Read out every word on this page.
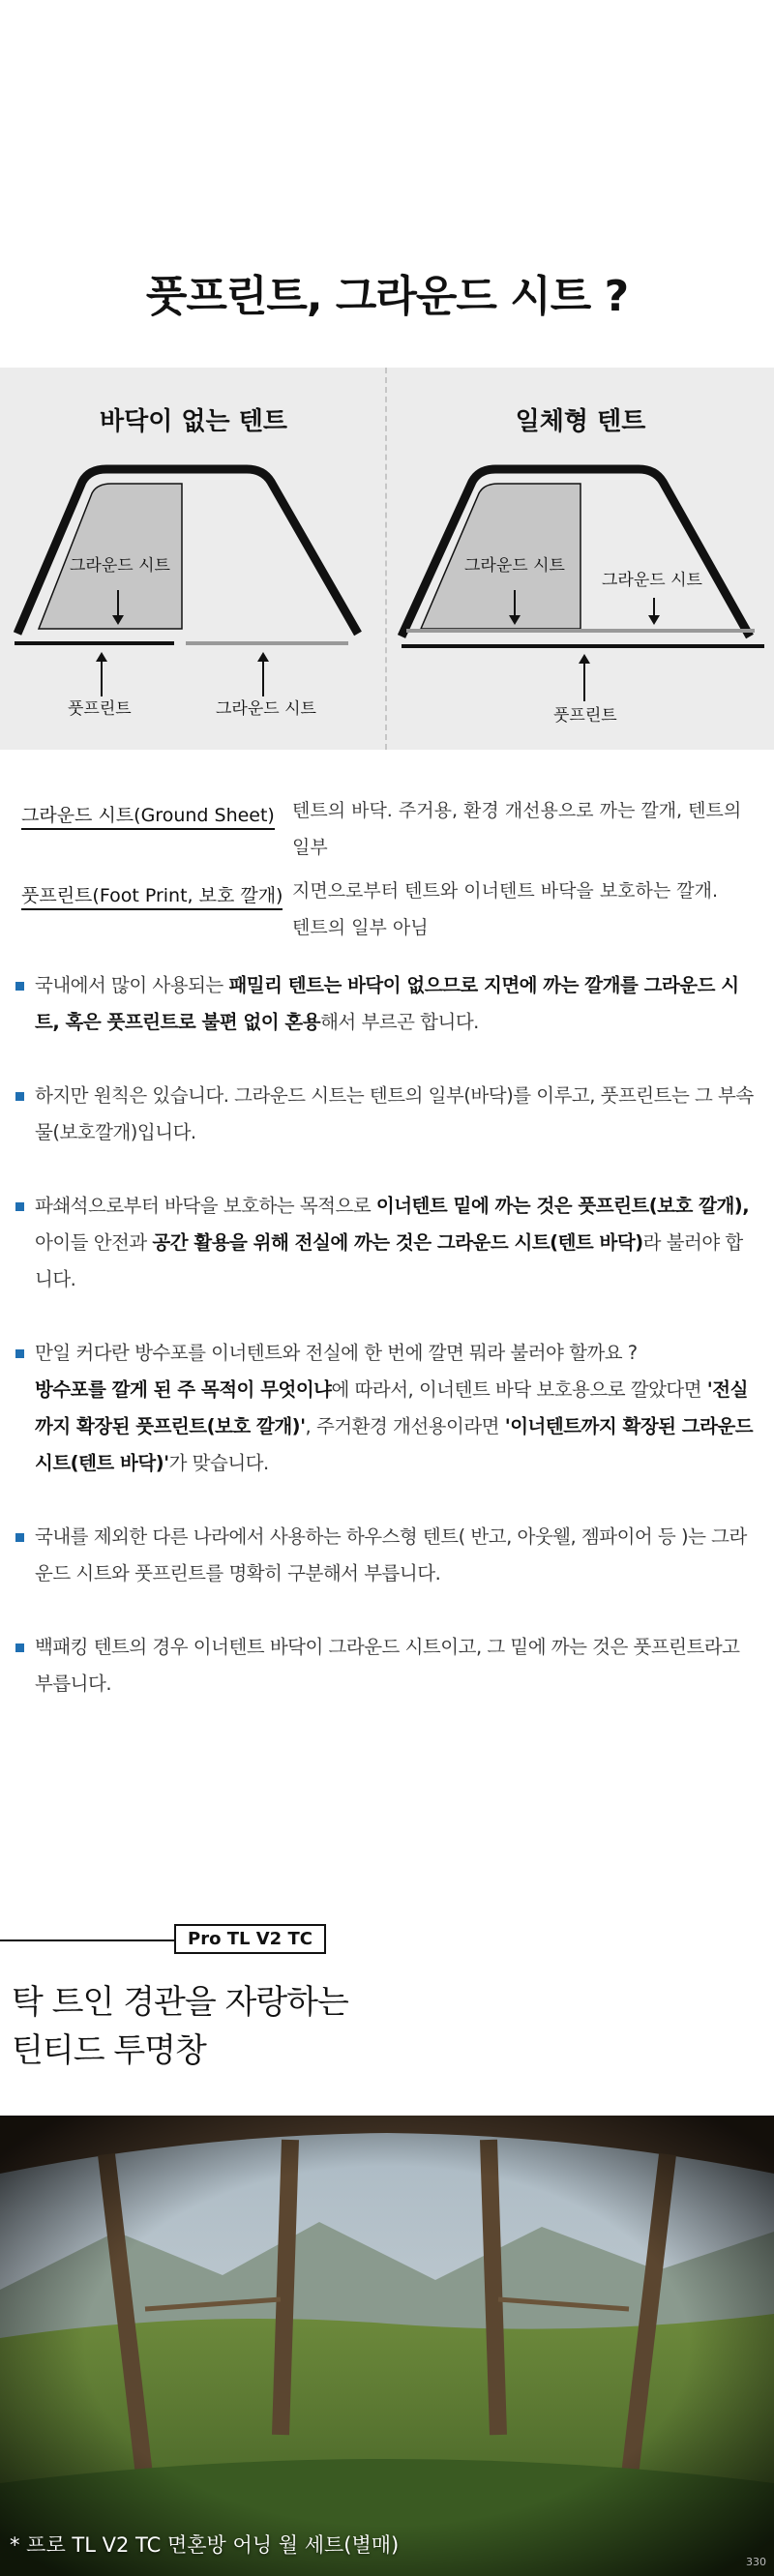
풋프린트, 그라운드 시트 ?
바닥이 없는 텐트	일체형 텐트
그라운드 시트
풋프린트	그라운드 시트
그라운드 시트
그라운드 시트
풋프린트
그라운드 시트(Ground Sheet) 텐트의 바닥. 주거용, 환경 개선용으로 까는 깔개, 텐트의 일부
풋프린트(Foot Print, 보호 깔개) 지면으로부터 텐트와 이너텐트 바닥을 보호하는 깔개.
텐트의 일부 아님
국내에서 많이 사용되는 패밀리 텐트는 바닥이 없으므로 지면에 까는 깔개를 그라운드 시트, 혹은 풋프린트로 불편 없이 혼용해서 부르곤 합니다.
하지만 원칙은 있습니다. 그라운드 시트는 텐트의 일부(바닥)를 이루고, 풋프린트는 그 부속물(보호깔개)입니다.
파쇄석으로부터 바닥을 보호하는 목적으로 이너텐트 밑에 까는 것은 풋프린트(보호 깔개), 아이들 안전과 공간 활용을 위해 전실에 까는 것은 그라운드 시트(텐트 바닥)라 불러야 합니다.
만일 커다란 방수포를 이너텐트와 전실에 한 번에 깔면 뭐라 불러야 할까요 ?
방수포를 깔게 된 주 목적이 무엇이냐에 따라서, 이너텐트 바닥 보호용으로 깔았다면 '전실까지 확장된 풋프린트(보호 깔개)', 주거환경 개선용이라면 '이너텐트까지 확장된 그라운드 시트(텐트 바닥)'가 맞습니다.
국내를 제외한 다른 나라에서 사용하는 하우스형 텐트( 반고, 아웃웰, 젬파이어 등 )는 그라운드 시트와 풋프린트를 명확히 구분해서 부릅니다.
백패킹 텐트의 경우 이너텐트 바닥이 그라운드 시트이고, 그 밑에 까는 것은 풋프린트라고 부릅니다.
Pro TL V2 TC
탁 트인 경관을 자랑하는
틴티드 투명창
* 프로 TL V2 TC 면혼방 어닝 월 세트(별매)
330
